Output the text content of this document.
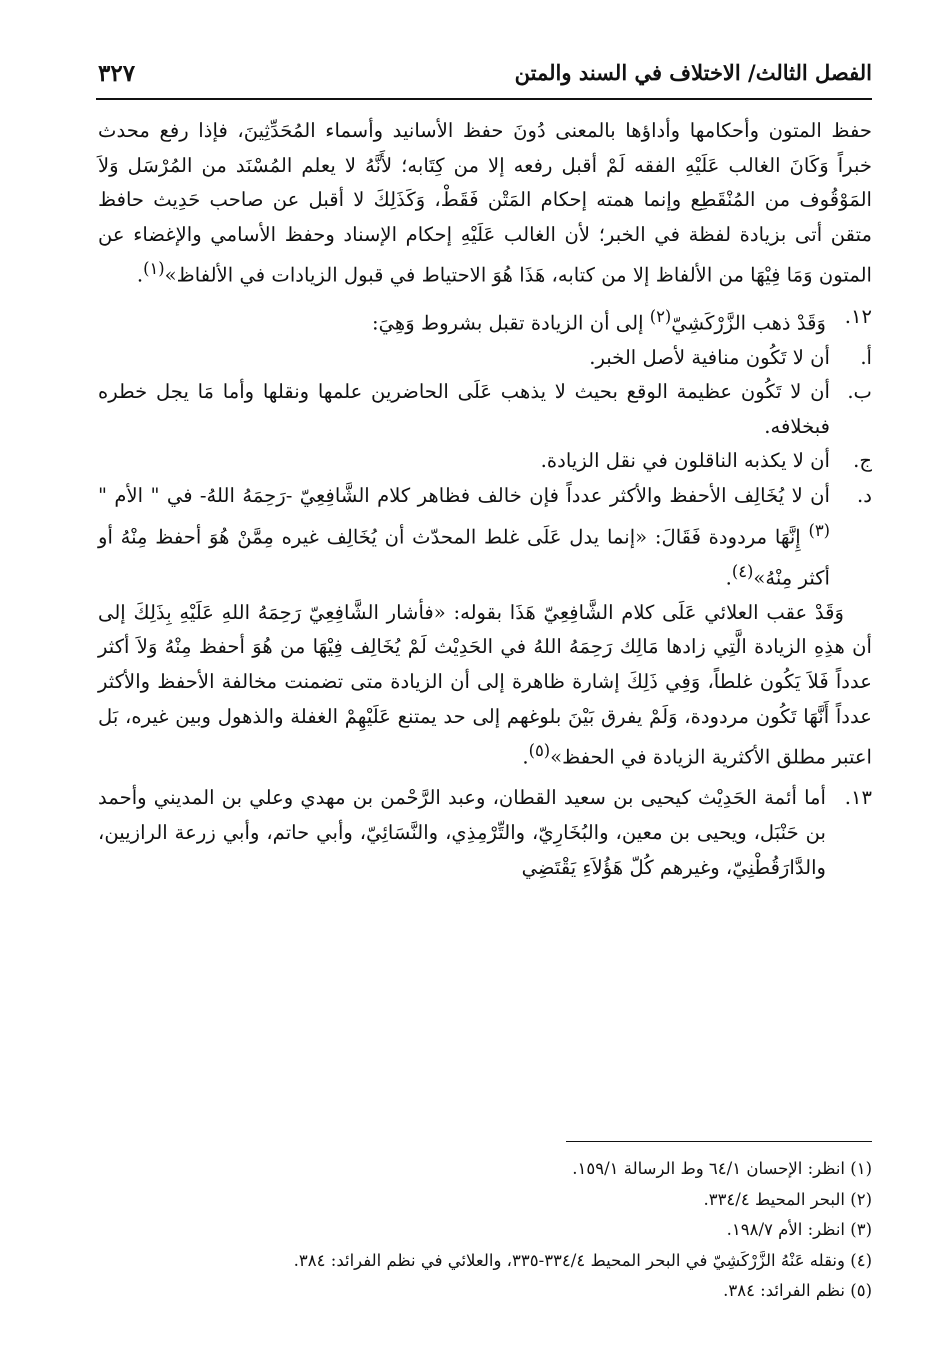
الفصل الثالث/ الاختلاف في السند والمتن
٣٢٧

حفظ المتون وأحكامها وأداؤها بالمعنى دُونَ حفظ الأسانيد وأسماء المُحَدِّثِينَ، فإذا رفع محدث خبراً وَكَانَ الغالب عَلَيْهِ الفقه لَمْ أقبل رفعه إلا من كِتَابه؛ لأَنَّهُ لا يعلم المُسْنَد من المُرْسَل وَلاَ المَوْقُوف من المُنْقَطِع وإنما همته إحكام المَتْن فَقَطْ، وَكَذَلِكَ لا أقبل عن صاحب حَدِيث حافظ متقن أتى بزيادة لفظة في الخبر؛ لأن الغالب عَلَيْهِ إحكام الإسناد وحفظ الأسامي والإغضاء عن المتون وَمَا فِيْهَا من الألفاظ إلا من كتابه، هَذَا هُوَ الاحتياط في قبول الزيادات في الألفاظ»$^{(١)}$.

١٢.
وَقَدْ ذهب الزَّرْكَشِيّ$^{(٢)}$ إلى أن الزيادة تقبل بشروط وَهِيَ:
أ.
أن لا تَكُون منافية لأصل الخبر.
ب.
أن لا تَكُون عظيمة الوقع بحيث لا يذهب عَلَى الحاضرين علمها ونقلها وأما مَا يجل خطره فبخلافه.
ج.
أن لا يكذبه الناقلون في نقل الزيادة.
د.
أن لا يُخَالِف الأحفظ والأكثر عدداً فإن خالف فظاهر كلام الشَّافِعِيّ -رَحِمَهُ اللهُ- في " الأم "$^{(٣)}$ إِنَّهَا مردودة فَقَالَ: «إنما يدل عَلَى غلط المحدّث أن يُخَالِف غيره مِمَّنْ هُوَ أحفظ مِنْهُ أو أكثر مِنْهُ»$^{(٤)}$.

وَقَدْ عقب العلائي عَلَى كلام الشَّافِعِيّ هَذَا بقوله: «فأشار الشَّافِعِيّ رَحِمَهُ اللهِ عَلَيْهِ بِذَلِكَ إلى أن هذِهِ الزيادة الَّتِي زادها مَالِك رَحِمَهُ اللهُ في الحَدِيْث لَمْ يُخَالِف فِيْهَا من هُوَ أحفظ مِنْهُ وَلاَ أكثر عدداً فَلاَ يَكُون غلطاً، وَفِي ذَلِكَ إشارة ظاهرة إلى أن الزيادة متى تضمنت مخالفة الأحفظ والأكثر عدداً أَنَّهَا تَكُون مردودة، وَلَمْ يفرق بَيْنَ بلوغهم إلى حد يمتنع عَلَيْهِمْ الغفلة والذهول وبين غيره، بَل اعتبر مطلق الأكثرية الزيادة في الحفظ»$^{(٥)}$.

١٣.
أما أئمة الحَدِيْث كيحيى بن سعيد القطان، وعبد الرَّحْمن بن مهدي وعلي بن المديني وأحمد بن حَنْبَل، ويحيى بن معين، والبُخَارِيّ، والتِّرْمِذِي، والنَّسَائِيّ، وأبي حاتم، وأبي زرعة الرازيين، والدَّارَقُطْنِيّ، وغيرهم كُلّ هَؤُلاَءِ يَقْتَضِي
(١) انظر: الإحسان ٦٤/١ وط الرسالة ١٥٩/١.
(٢) البحر المحيط ٣٣٤/٤.
(٣) انظر: الأم ١٩٨/٧.
(٤) ونقله عَنْهُ الزَّرْكَشِيّ في البحر المحيط ٣٣٤/٤-٣٣٥، والعلائي في نظم الفرائد: ٣٨٤.
(٥) نظم الفرائد: ٣٨٤.
